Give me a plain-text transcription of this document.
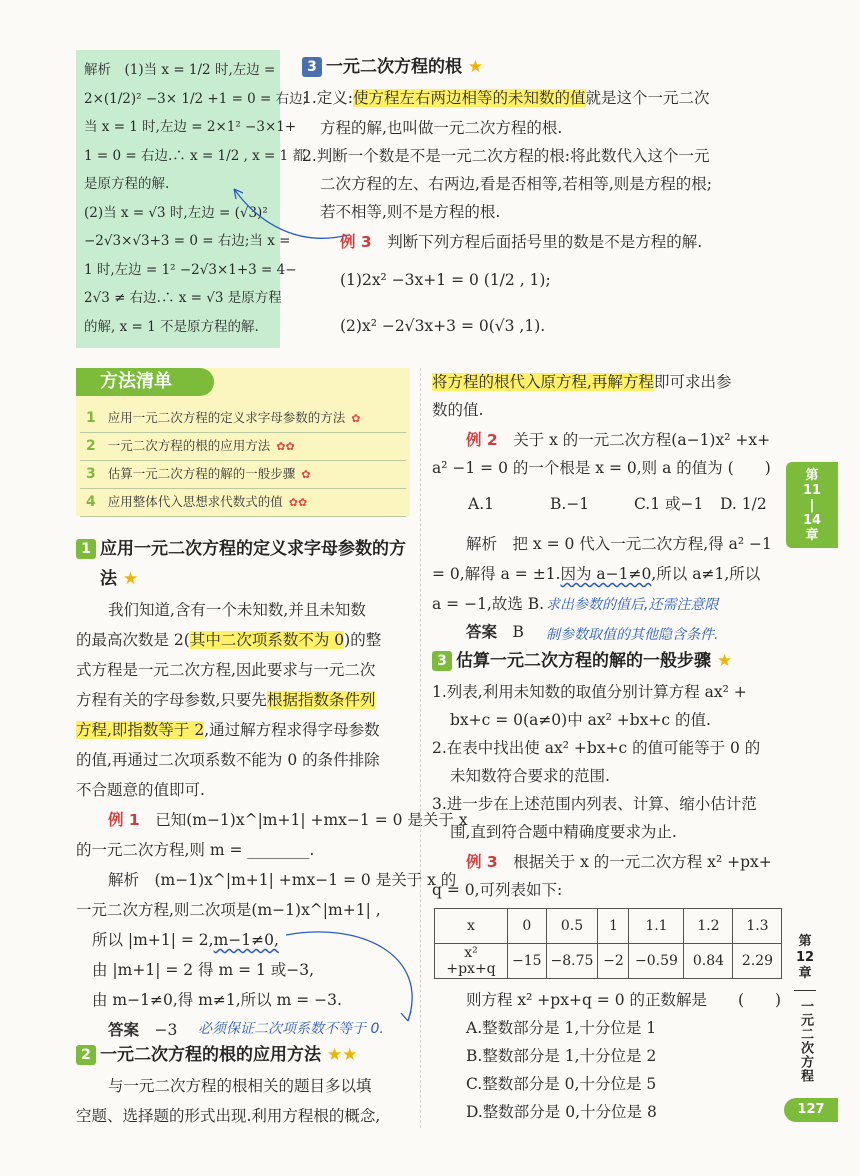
解析　(1)当 x = 1/2 时,左边 =
2×(1/2)² −3× 1/2 +1 = 0 = 右边;
当 x = 1 时,左边 = 2×1² −3×1+
1 = 0 = 右边.∴ x = 1/2 , x = 1 都
是原方程的解.
(2)当 x = √3 时,左边 = (√3)²
−2√3×√3+3 = 0 = 右边;当 x =
1 时,左边 = 1² −2√3×1+3 = 4−
2√3 ≠ 右边.∴ x = √3 是原方程
的解, x = 1 不是原方程的解.
3 一元二次方程的根 ★
1.定义:使方程左右两边相等的未知数的值就是这个一元二次
方程的解,也叫做一元二次方程的根.
2.判断一个数是不是一元二次方程的根:将此数代入这个一元
二次方程的左、右两边,看是否相等,若相等,则是方程的根;
若不相等,则不是方程的根.
例 3　 判断下列方程后面括号里的数是不是方程的解.
(1)2x² −3x+1 = 0 (1/2 , 1);
(2)x² −2√3x+3 = 0(√3 ,1).
方法清单
1 应用一元二次方程的定义求字母参数的方法 ✿
2 一元二次方程的根的应用方法 ✿✿
3 估算一元二次方程的解的一般步骤 ✿
4 应用整体代入思想求代数式的值 ✿✿
1 应用一元二次方程的定义求字母参数的方
法 ★
我们知道,含有一个未知数,并且未知数
的最高次数是 2(其中二次项系数不为 0)的整
式方程是一元二次方程,因此要求与一元二次
方程有关的字母参数,只要先根据指数条件列
方程,即指数等于 2,通过解方程求得字母参数
的值,再通过二次项系数不能为 0 的条件排除
不合题意的值即可.
例 1　 已知(m−1)x^|m+1| +mx−1 = 0 是关于 x
的一元二次方程,则 m = ________.
解析　(m−1)x^|m+1| +mx−1 = 0 是关于 x 的
一元二次方程,则二次项是(m−1)x^|m+1| ,
所以 |m+1| = 2,m−1≠0,
由 |m+1| = 2 得 m = 1 或−3,
由 m−1≠0,得 m≠1,所以 m = −3.
答案　 −3 必须保证二次项系数不等于 0.
2 一元二次方程的根的应用方法 ★★
与一元二次方程的根相关的题目多以填
空题、选择题的形式出现.利用方程根的概念,
将方程的根代入原方程,再解方程即可求出参
数的值.
例 2　 关于 x 的一元二次方程(a−1)x² +x+
a² −1 = 0 的一个根是 x = 0,则 a 的值为 (　　)
A.1	B.−1	C.1 或−1 D. 1/2
解析　把 x = 0 代入一元二次方程,得 a² −1
= 0,解得 a = ±1.因为 a−1≠0,所以 a≠1,所以
a = −1,故选 B. 求出参数的值后,还需注意限
答案　 B 制参数取值的其他隐含条件.
3 估算一元二次方程的解的一般步骤 ★
1.列表,利用未知数的取值分别计算方程 ax² +
bx+c = 0(a≠0)中 ax² +bx+c 的值.
2.在表中找出使 ax² +bx+c 的值可能等于 0 的
未知数符合要求的范围.
3.进一步在上述范围内列表、计算、缩小估计范
围,直到符合题中精确度要求为止.
例 3　 根据关于 x 的一元二次方程 x² +px+
q = 0,可列表如下:
x	0	0.5	1	1.1	1.2	1.3
x² +px+q	−15	−8.75	−2	−0.59	0.84	2.29
则方程 x² +px+q = 0 的正数解是　　(　　)
A.整数部分是 1,十分位是 1
B.整数部分是 1,十分位是 2
C.整数部分是 0,十分位是 5
D.整数部分是 0,十分位是 8
第
11
|
14
章
第
12
章
一元二次方程
127
